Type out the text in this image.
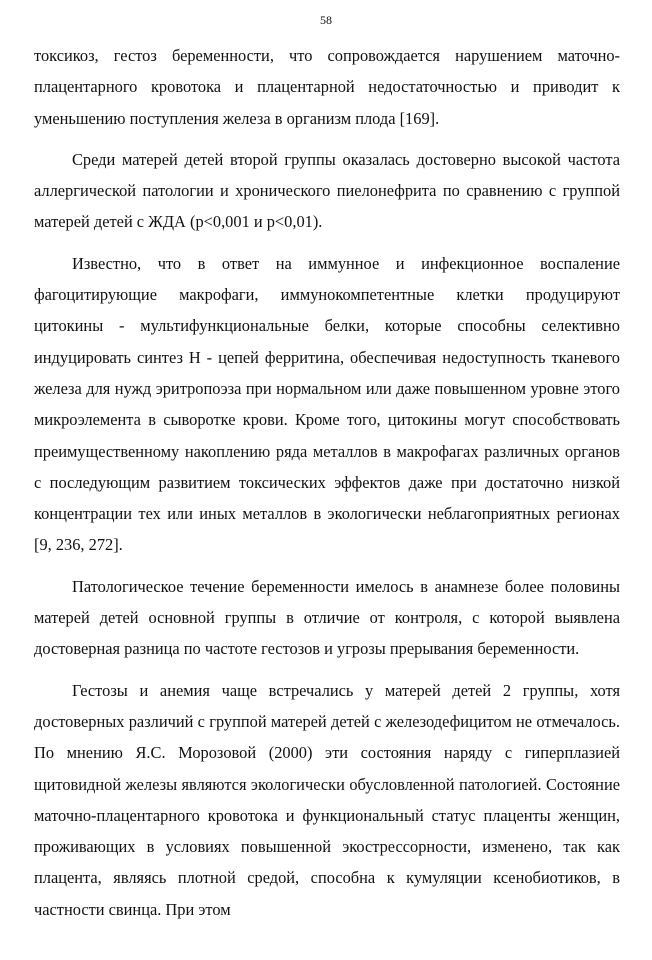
58

токсикоз, гестоз беременности, что сопровождается нарушением маточно-плацентарного кровотока и плацентарной недостаточностью и приводит к уменьшению поступления железа в организм плода [169].

Среди матерей детей второй группы оказалась достоверно высокой частота аллергической патологии и хронического пиелонефрита по сравнению с группой матерей детей с ЖДА (р<0,001 и р<0,01).

Известно, что в ответ на иммунное и инфекционное воспаление фагоцитирующие макрофаги, иммунокомпетентные клетки продуцируют цитокины - мультифункциональные белки, которые способны селективно индуцировать синтез Н - цепей ферритина, обеспечивая недоступность тканевого железа для нужд эритропоэза при нормальном или даже повышенном уровне этого микроэлемента в сыворотке крови. Кроме того, цитокины могут способствовать преимущественному накоплению ряда металлов в макрофагах различных органов с последующим развитием токсических эффектов даже при достаточно низкой концентрации тех или иных металлов в экологически неблагоприятных регионах [9, 236, 272].

Патологическое течение беременности имелось в анамнезе более половины матерей детей основной группы в отличие от контроля, с которой выявлена достоверная разница по частоте гестозов и угрозы прерывания беременности.

Гестозы и анемия чаще встречались у матерей детей 2 группы, хотя достоверных различий с группой матерей детей с железодефицитом не отмечалось. По мнению Я.С. Морозовой (2000) эти состояния наряду с гиперплазией щитовидной железы являются экологически обусловленной патологией. Состояние маточно-плацентарного кровотока и функциональный статус плаценты женщин, проживающих в условиях повышенной экострессорности, изменено, так как плацента, являясь плотной средой, способна к кумуляции ксенобиотиков, в частности свинца. При этом
